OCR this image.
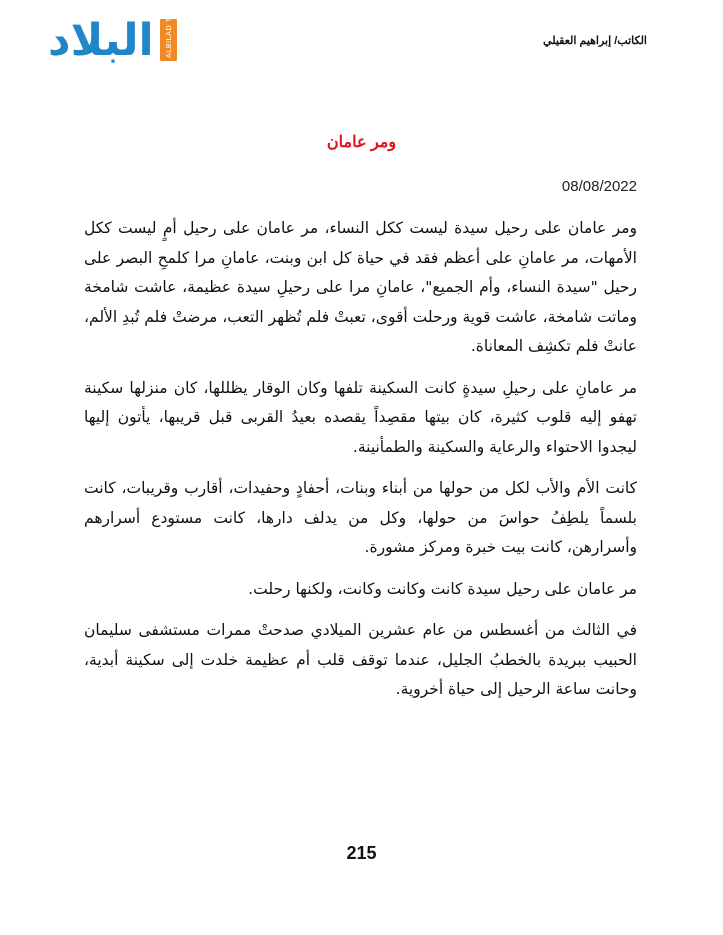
البلاد ALBILAD TV	الكاتب/ إبراهيم العقيلي
ومر عامان
08/08/2022

ومر عامان على رحيل سيدة ليست ككل النساء، مر عامان على رحيل أمٍ ليست ككل الأمهات، مر عامانِ على أعظم فقد في حياة كل ابن وبنت، عامانِ مرا كلمحِ البصر على رحيل "سيدة النساء، وأم الجميع"، عامانِ مرا على رحيلِ سيدة عظيمة، عاشت شامخة وماتت شامخة، عاشت قوية ورحلت أقوى، تعبتْ فلم تُظهر التعب، مرضتْ فلم تُبدِ الألم، عانتْ فلم تكشِف المعاناة.

مر عامانِ على رحيلِ سيدةٍ كانت السكينة تلفها وكان الوقار يظللها، كان منزلها سكينة تهفو إليه قلوب كثيرة، كان بيتها مقصِداً يقصده بعيدُ القربى قبل قريبها، يأتون إليها ليجدوا الاحتواء والرعاية والسكينة والطمأنينة.

كانت الأم والأب لكل من حولها من أبناء وبنات، أحفادٍ وحفيدات، أقارب وقريبات، كانت بلسماً يلطِفُ حواسَ من حولها، وكل من يدلف دارها، كانت مستودع أسرارهم وأسرارهن، كانت بيت خبرة ومركز مشورة.

مر عامان على رحيل سيدة كانت وكانت وكانت، ولكنها رحلت.

في الثالث من أغسطس من عام عشرين الميلادي صدحتْ ممرات مستشفى سليمان الحبيب ببريدة بالخطبُ الجليل، عندما توقف قلب أم عظيمة خلدت إلى سكينة أبدية، وحانت ساعة الرحيل إلى حياة أخروية.

215
